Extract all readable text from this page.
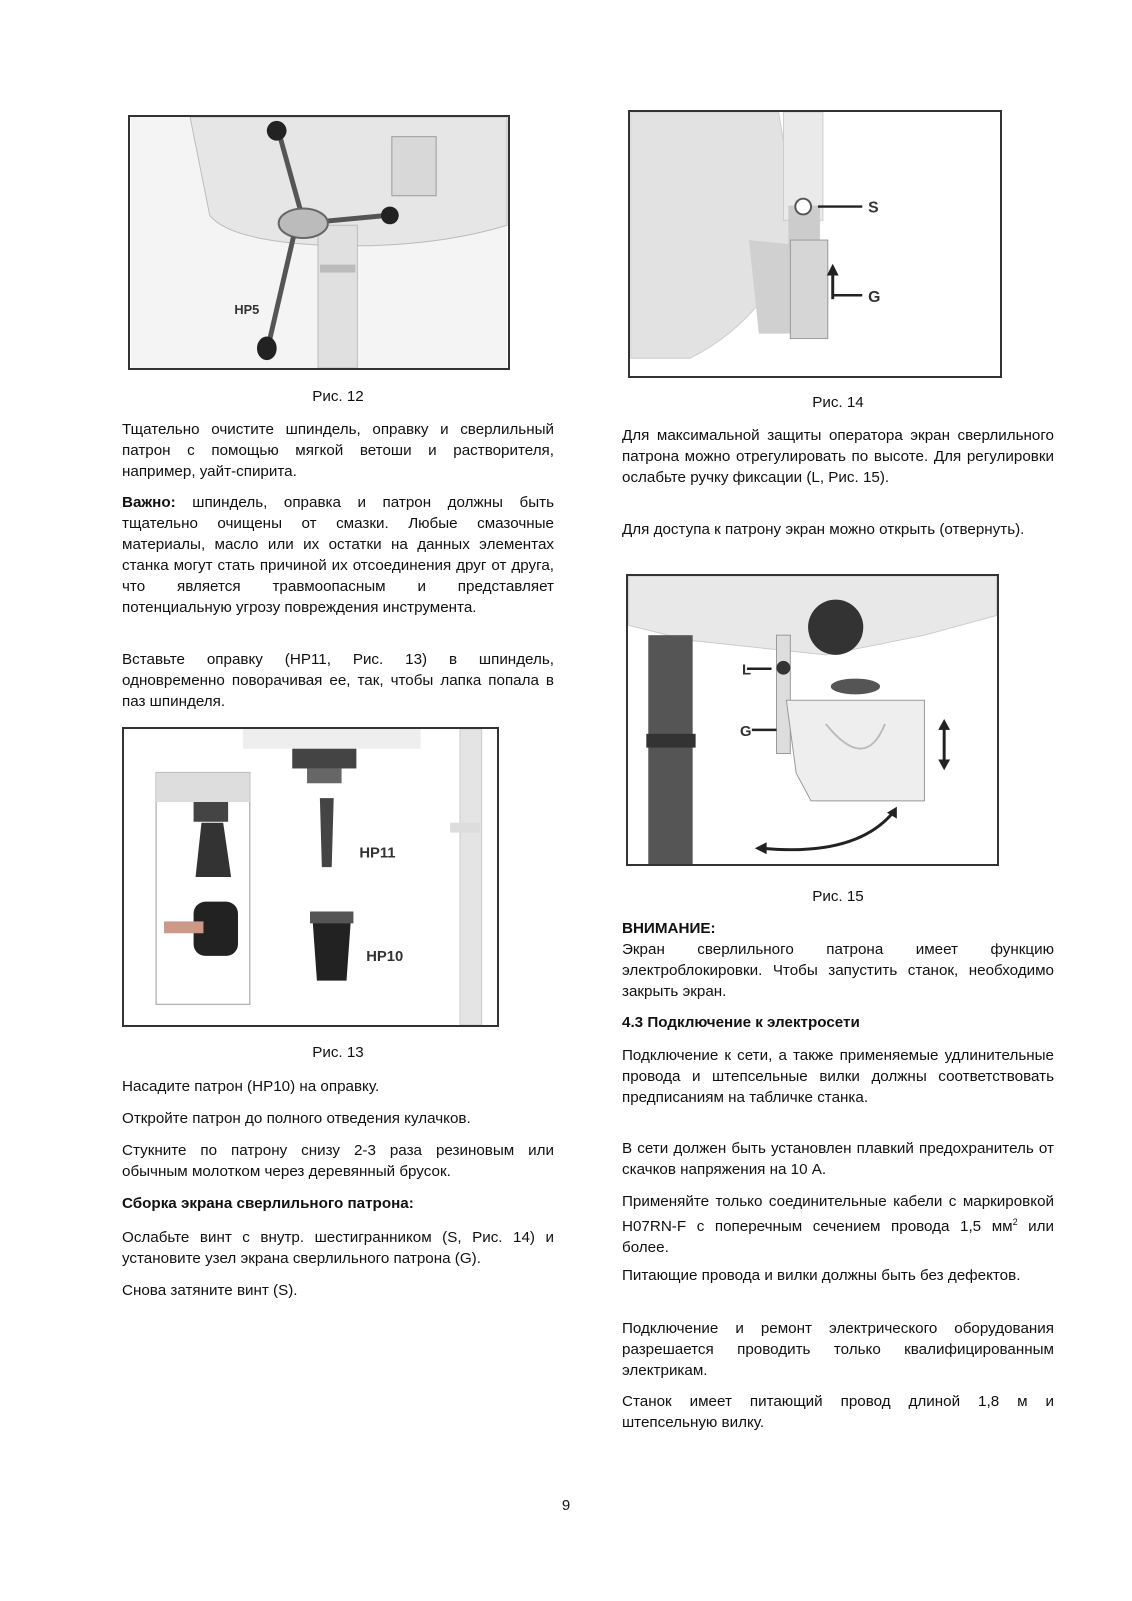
HP5

Рис. 12

Тщательно очистите шпиндель, оправку и сверлильный патрон с помощью мягкой ветоши и растворителя, например, уайт-спирита.

Важно: шпиндель, оправка и патрон должны быть тщательно очищены от смазки. Любые смазочные материалы, масло или их остатки на данных элементах станка могут стать причиной их отсоединения друг от друга, что является травмоопасным и представляет потенциальную угрозу повреждения инструмента.

Вставьте оправку (HP11, Рис. 13) в шпиндель, одновременно поворачивая ее, так, чтобы лапка попала в паз шпинделя.

HP11
HP10

Рис. 13

Насадите патрон (HP10) на оправку.

Откройте патрон до полного отведения кулачков.

Стукните по патрону снизу 2-3 раза резиновым или обычным молотком через деревянный брусок.

Сборка экрана сверлильного патрона:

Ослабьте винт с внутр. шестигранником (S, Рис. 14) и установите узел экрана сверлильного патрона (G).

Снова затяните винт (S).

S
G

Рис. 14

Для максимальной защиты оператора экран сверлильного патрона можно отрегулировать по высоте. Для регулировки ослабьте ручку фиксации (L, Рис. 15).

Для доступа к патрону экран можно открыть (отвернуть).

L
G

Рис. 15

ВНИМАНИЕ:

Экран сверлильного патрона имеет функцию электроблокировки. Чтобы запустить станок, необходимо закрыть экран.

4.3 Подключение к электросети

Подключение к сети, а также применяемые удлинительные провода и штепсельные вилки должны соответствовать предписаниям на табличке станка.

В сети должен быть установлен плавкий предохранитель от скачков напряжения на 10 А.

Применяйте только соединительные кабели с маркировкой H07RN-F с поперечным сечением провода 1,5 $мм^2$ или более.

Питающие провода и вилки должны быть без дефектов.

Подключение и ремонт электрического оборудования разрешается проводить только квалифицированным электрикам.

Станок имеет питающий провод длиной 1,8 м и штепсельную вилку.

9
